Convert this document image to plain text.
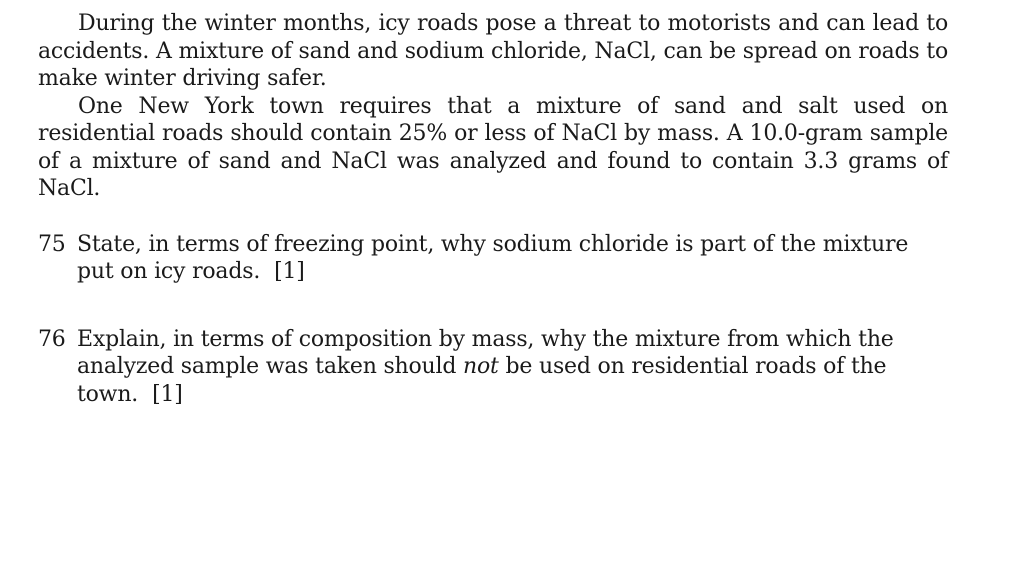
During the winter months, icy roads pose a threat to motorists and can lead to accidents. A mixture of sand and sodium chloride, NaCl, can be spread on roads to make winter driving safer.

One New York town requires that a mixture of sand and salt used on residential roads should contain 25% or less of NaCl by mass. A 10.0-gram sample of a mixture of sand and NaCl was analyzed and found to contain 3.3 grams of NaCl.

75 State, in terms of freezing point, why sodium chloride is part of the mixture put on icy roads. [1]
76 Explain, in terms of composition by mass, why the mixture from which the analyzed sample was taken should not be used on residential roads of the town. [1]
